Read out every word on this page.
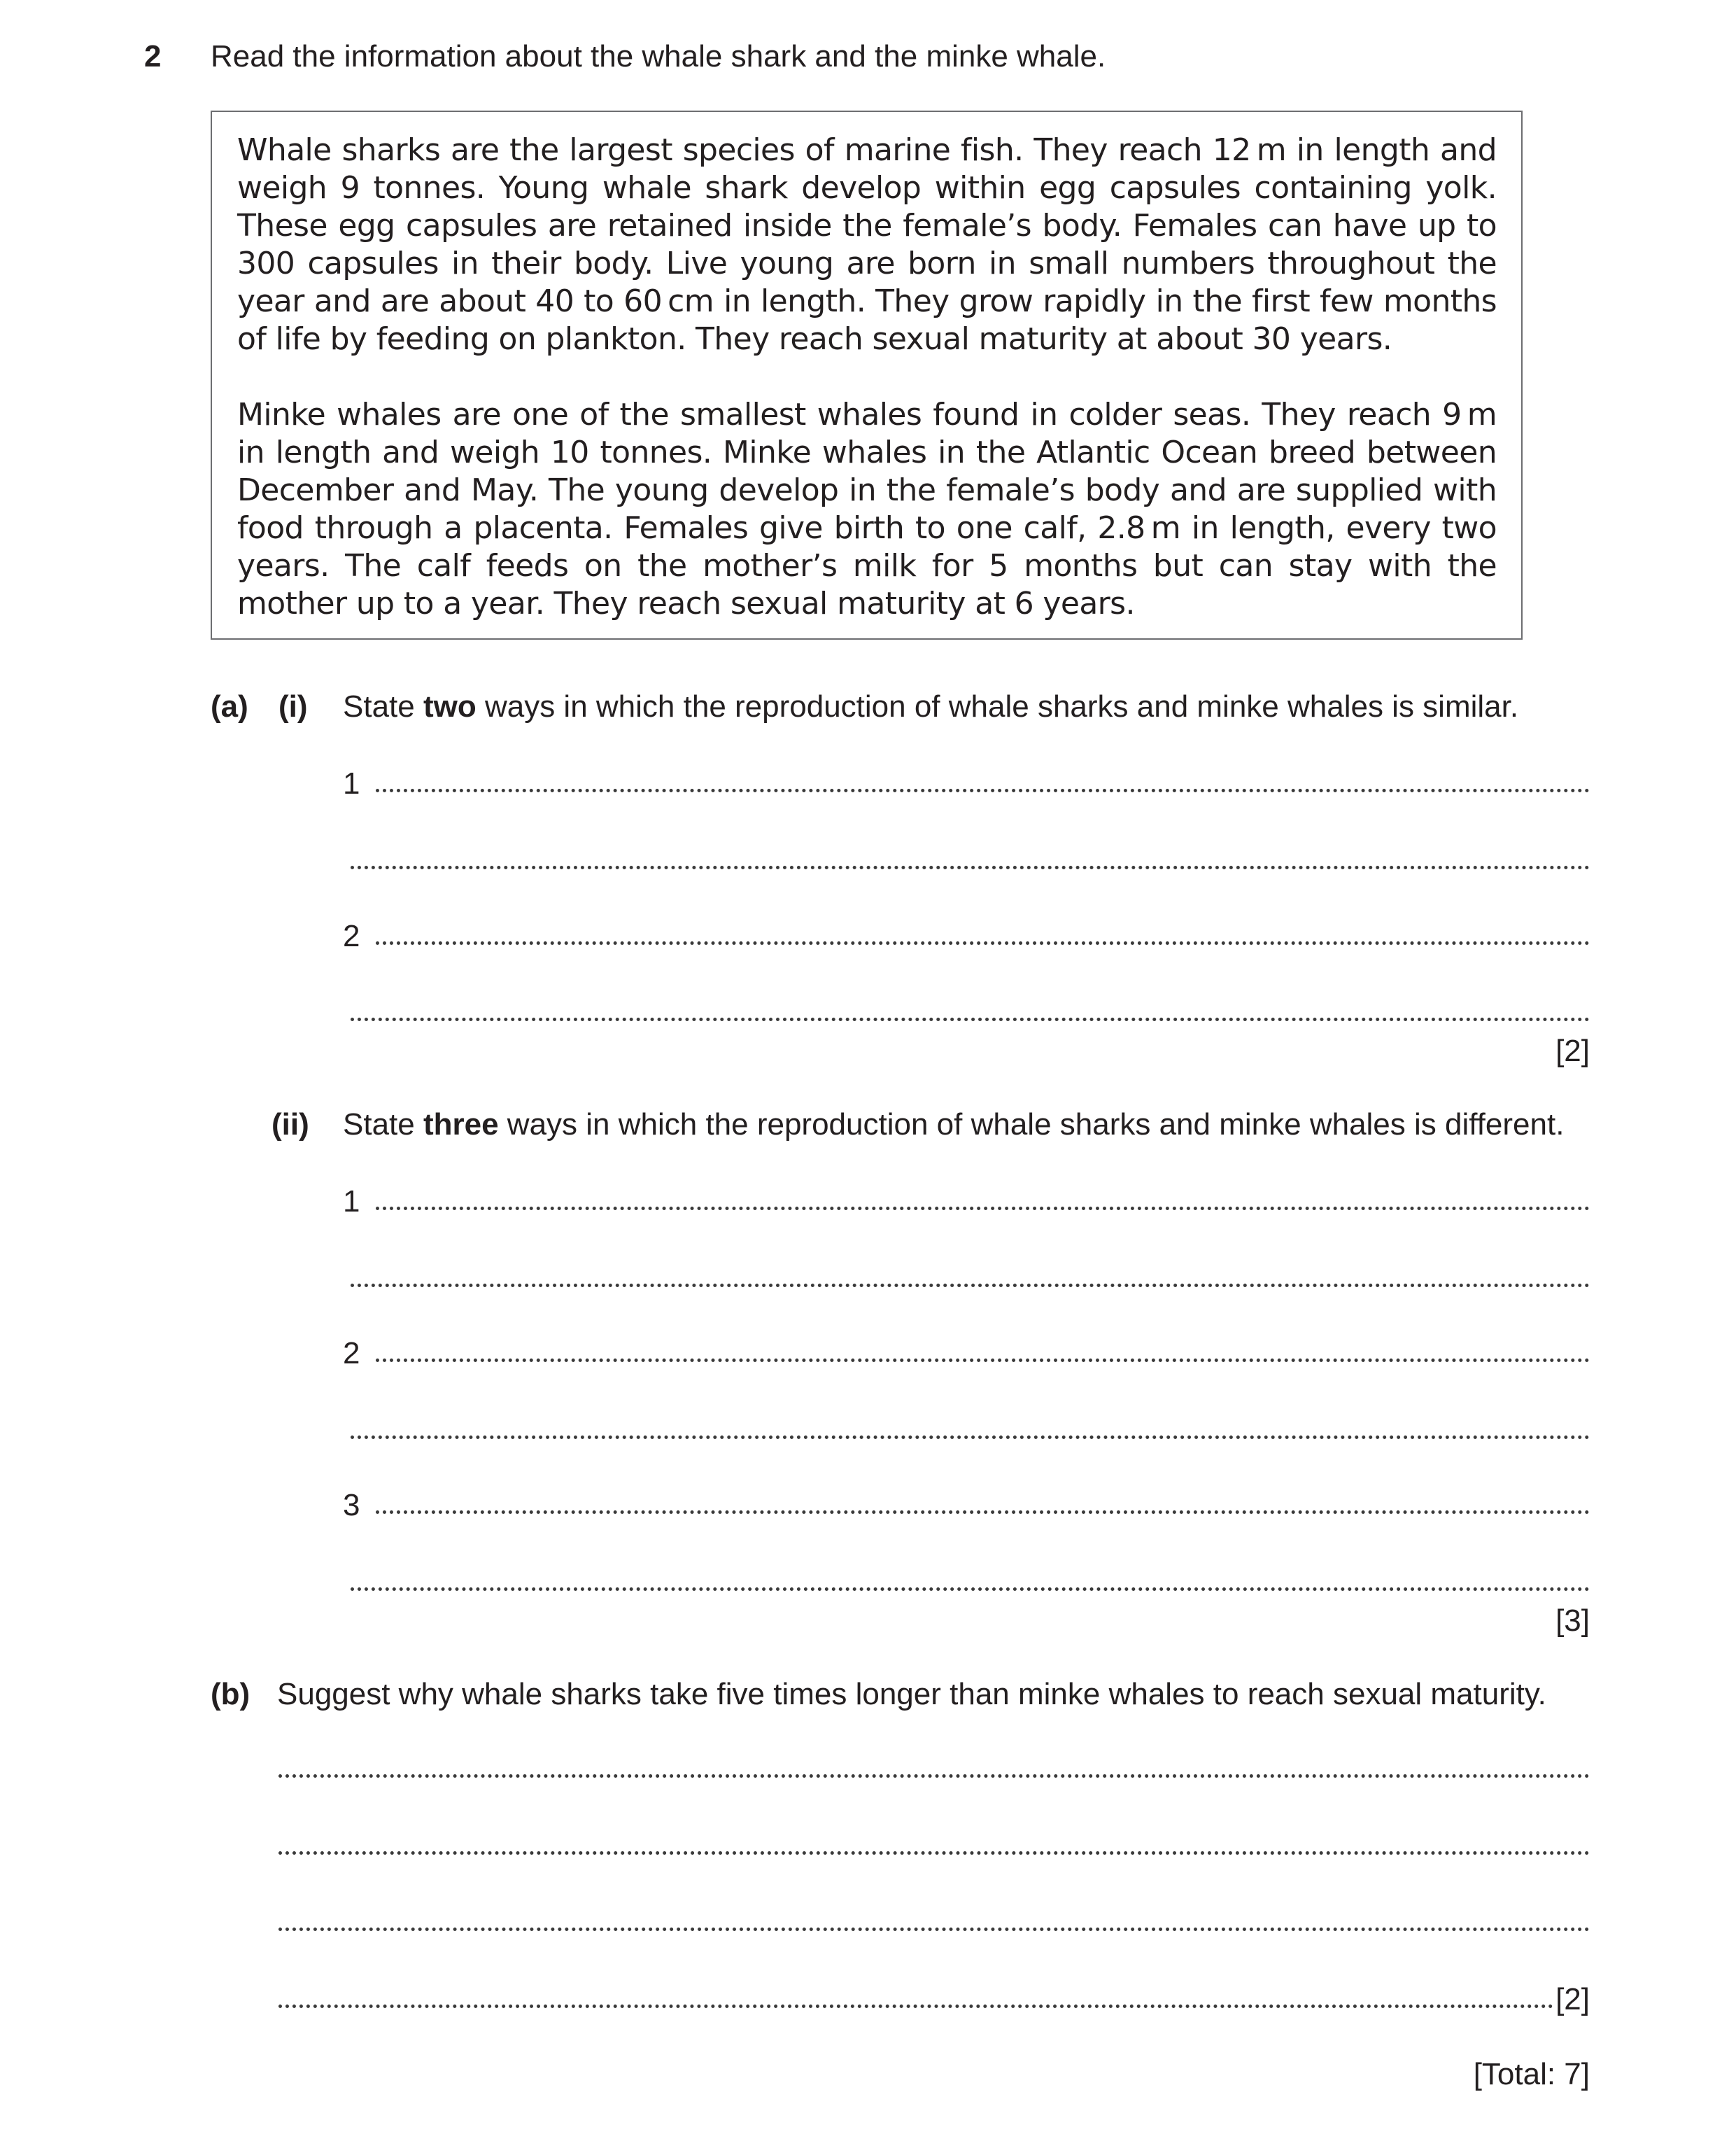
2 Read the information about the whale shark and the minke whale.
Whale sharks are the largest species of marine fish. They reach 12 m in length and weigh 9 tonnes. Young whale shark develop within egg capsules containing yolk. These egg capsules are retained inside the female’s body. Females can have up to 300 capsules in their body. Live young are born in small numbers throughout the year and are about 40 to 60 cm in length. They grow rapidly in the first few months of life by feeding on plankton. They reach sexual maturity at about 30 years.
Minke whales are one of the smallest whales found in colder seas. They reach 9 m in length and weigh 10 tonnes. Minke whales in the Atlantic Ocean breed between December and May. The young develop in the female’s body and are supplied with food through a placenta. Females give birth to one calf, 2.8 m in length, every two years. The calf feeds on the mother’s milk for 5 months but can stay with the mother up to a year. They reach sexual maturity at 6 years.
(a) (i) State two ways in which the reproduction of whale sharks and minke whales is similar.
1
2
[2]
(ii) State three ways in which the reproduction of whale sharks and minke whales is different.
1
2
3
[3]
(b) Suggest why whale sharks take five times longer than minke whales to reach sexual maturity.
[2]
[Total: 7]
